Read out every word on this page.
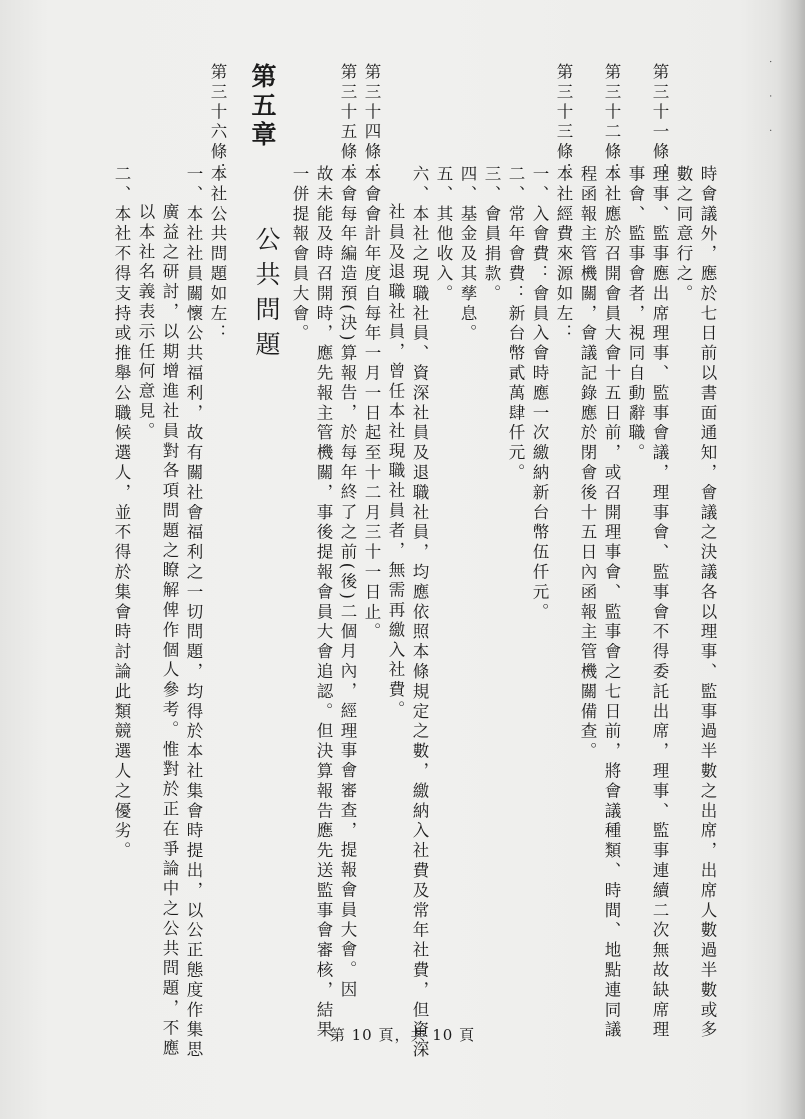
· · ·
時會議外，應於七日前以書面通知，會議之決議各以理事、監事過半數之出席，出席人數過半數或多
數之同意行之。
第三十一條：
理事、監事應出席理事、監事會議，理事會、監事會不得委託出席，理事、監事連續二次無故缺席理
事會、監事會者，視同自動辭職。
第三十二條：
本社應於召開會員大會十五日前，或召開理事會、監事會之七日前，將會議種類、時間、地點連同議
程函報主管機關，會議記錄應於閉會後十五日內函報主管機關備查。
第三十三條：
本社經費來源如左：
一、入會費：會員入會時應一次繳納新台幣伍仟元。
二、常年會費：新台幣貳萬肆仟元。
三、會員捐款。
四、基金及其孳息。
五、其他收入。
六、本社之現職社員、資深社員及退職社員，均應依照本條規定之數，繳納入社費及常年社費，但資深
社員及退職社員，曾任本社現職社員者，無需再繳入社費。
第三十四條：
本會會計年度自每年一月一日起至十二月三十一日止。
第三十五條：
本會每年編造預(決)算報告，於每年終了之前(後)二個月內，經理事會審查，提報會員大會。因
故未能及時召開時，應先報主管機關，事後提報會員大會追認。但決算報告應先送監事會審核，結果
一併提報會員大會。
第五章
公共問題
第三十六條：
本社公共問題如左：
一、本社社員關懷公共福利，故有關社會福利之一切問題，均得於本社集會時提出，以公正態度作集思
廣益之研討，以期增進社員對各項問題之瞭解俾作個人參考。惟對於正在爭論中之公共問題，不應
以本社名義表示任何意見。
二、本社不得支持或推舉公職候選人，並不得於集會時討論此類競選人之優劣。
第 10 頁，共 10 頁
